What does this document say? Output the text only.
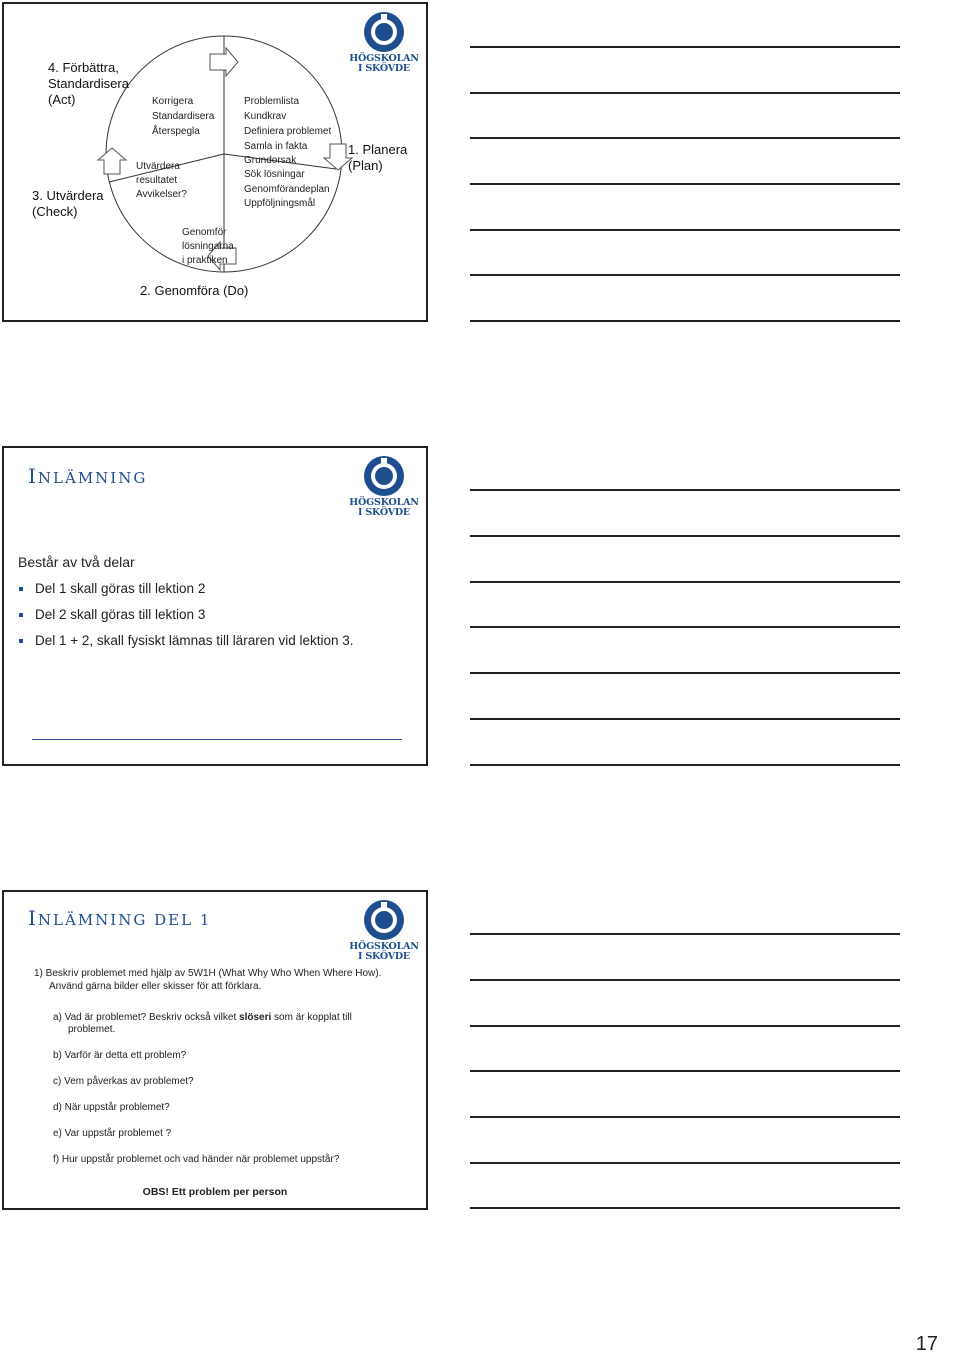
4. Förbättra,
Standardisera
(Act)
3. Utvärdera
(Check)
1. Planera
(Plan)
2. Genomföra (Do)
Korrigera
Standardisera
Återspegla
Utvärdera
resultatet
Avvikelser?
Genomför
lösningarna
i praktiken
Problemlista
Kundkrav
Definiera problemet
Samla in fakta
Grundorsak
Sök lösningar
Genomförandeplan
Uppföljningsmål
HÖGSKOLAN
I SKÖVDE
INLÄMNING
HÖGSKOLAN
I SKÖVDE
Består av två delar
Del 1 skall göras till lektion 2
Del 2 skall göras till lektion 3
Del 1 + 2, skall fysiskt lämnas till läraren vid lektion 3.
INLÄMNING DEL 1
HÖGSKOLAN
I SKÖVDE
1) Beskriv problemet med hjälp av 5W1H (What Why Who When Where How).
Använd gärna bilder eller skisser för att förklara.
a) Vad är problemet? Beskriv också vilket slöseri som är kopplat till
problemet.
b) Varför är detta ett problem?
c) Vem påverkas av problemet?
d) När uppstår problemet?
e) Var uppstår problemet ?
f) Hur uppstår problemet och vad händer när problemet uppstår?
OBS! Ett problem per person
17
